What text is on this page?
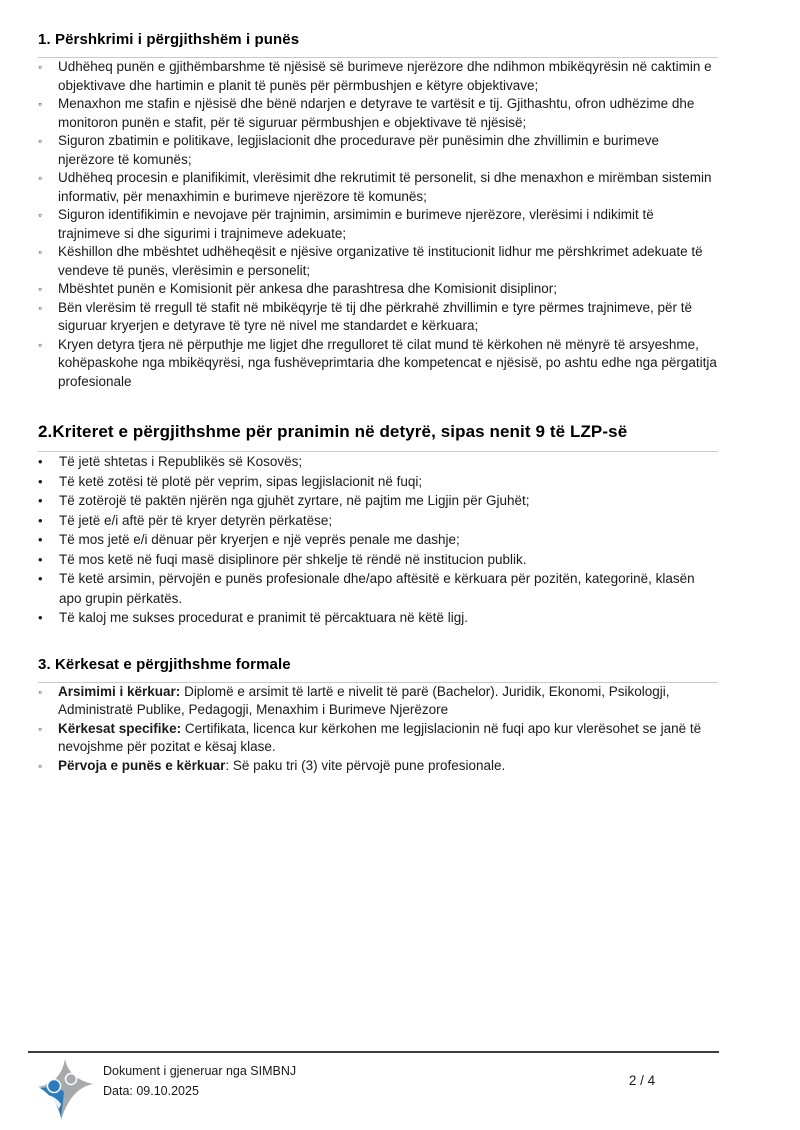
1. Përshkrimi i përgjithshëm i punës
◦	Udhëheq punën e gjithëmbarshme të njësisë së burimeve njerëzore dhe ndihmon mbikëqyrësin në caktimin e objektivave dhe hartimin e planit të punës për përmbushjen e këtyre objektivave;
◦	Menaxhon me stafin e njësisë dhe bënë ndarjen e detyrave te vartësit e tij. Gjithashtu, ofron udhëzime dhe monitoron punën e stafit, për të siguruar përmbushjen e objektivave të njësisë;
◦	Siguron zbatimin e politikave, legjislacionit dhe procedurave për punësimin dhe zhvillimin e burimeve njerëzore të komunës;
◦	Udhëheq procesin e planifikimit, vlerësimit dhe rekrutimit të personelit, si dhe menaxhon e mirëmban sistemin informativ, për menaxhimin e burimeve njerëzore të komunës;
◦	Siguron identifikimin e nevojave për trajnimin, arsimimin e burimeve njerëzore, vlerësimi i ndikimit të trajnimeve si dhe sigurimi i trajnimeve adekuate;
◦	Këshillon dhe mbështet udhëheqësit e njësive organizative të institucionit lidhur me përshkrimet adekuate të vendeve të punës, vlerësimin e personelit;
◦	Mbështet punën e Komisionit për ankesa dhe parashtresa dhe Komisionit disiplinor;
◦	Bën vlerësim të rregull të stafit në mbikëqyrje të tij dhe përkrahë zhvillimin e tyre përmes trajnimeve, për të siguruar kryerjen e detyrave të tyre në nivel me standardet e kërkuara;
◦	Kryen detyra tjera në përputhje me ligjet dhe rregulloret të cilat mund të kërkohen në mënyrë të arsyeshme, kohëpaskohe nga mbikëqyrësi, nga fushëveprimtaria dhe kompetencat e njësisë, po ashtu edhe nga përgatitja profesionale
2.Kriteret e përgjithshme për pranimin në detyrë, sipas nenit 9 të LZP-së
•	Të jetë shtetas i Republikës së Kosovës;
•	Të ketë zotësi të plotë për veprim, sipas legjislacionit në fuqi;
•	Të zotërojë të paktën njërën nga gjuhët zyrtare, në pajtim me Ligjin për Gjuhët;
•	Të jetë e/i aftë për të kryer detyrën përkatëse;
•	Të mos jetë e/i dënuar për kryerjen e një veprës penale me dashje;
•	Të mos ketë në fuqi masë disiplinore për shkelje të rëndë në institucion publik.
•	Të ketë arsimin, përvojën e punës profesionale dhe/apo aftësitë e kërkuara për pozitën, kategorinë, klasën apo grupin përkatës.
•	Të kaloj me sukses procedurat e pranimit të përcaktuara në këtë ligj.
3. Kërkesat e përgjithshme formale
◦	Arsimimi i kërkuar: Diplomë e arsimit të lartë e nivelit të parë (Bachelor). Juridik, Ekonomi, Psikologji, Administratë Publike, Pedagogji, Menaxhim i Burimeve Njerëzore
◦	Kërkesat specifike: Certifikata, licenca kur kërkohen me legjislacionin në fuqi apo kur vlerësohet se janë të nevojshme për pozitat e kësaj klase.
◦	Përvoja e punës e kërkuar: Së paku tri (3) vite përvojë pune profesionale.
Dokument i gjeneruar nga SIMBNJ
Data: 09.10.2025
2 / 4
